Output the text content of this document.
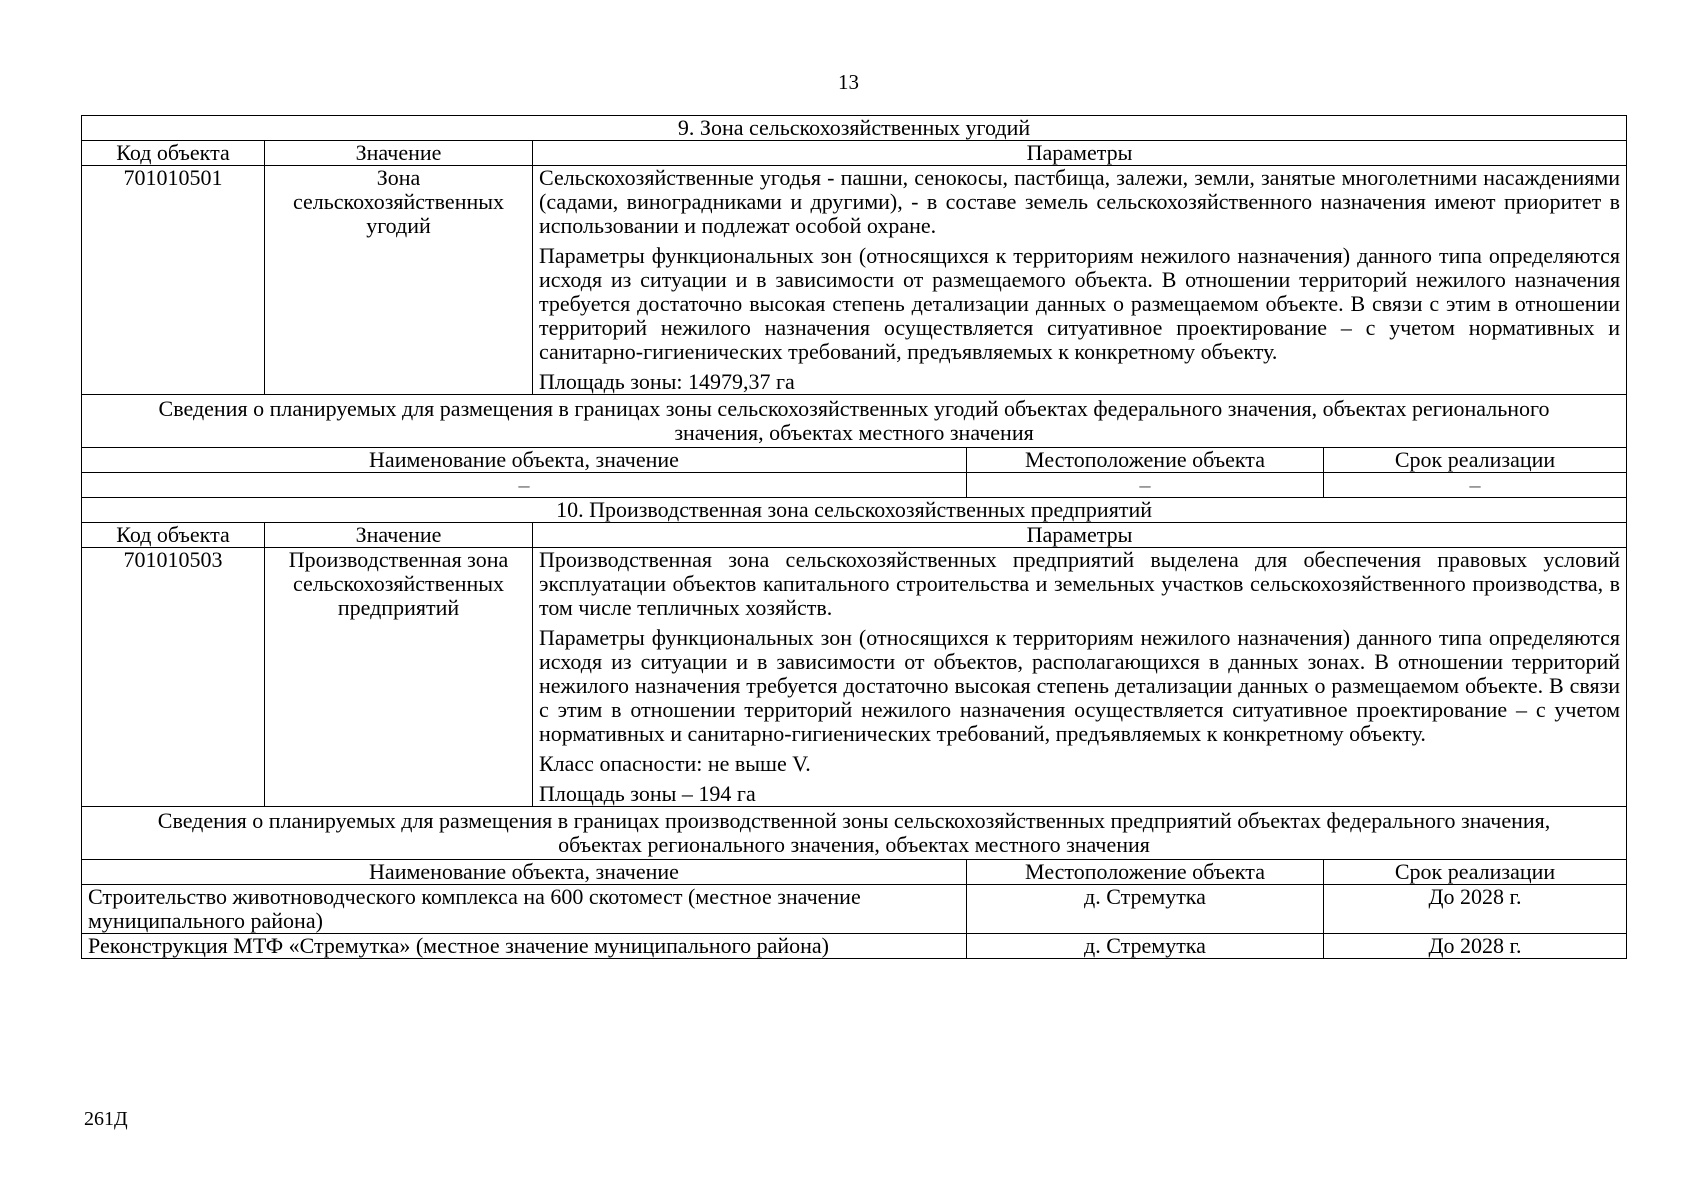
13
9. Зона сельскохозяйственных угодий				
Код объекта	Значение	Параметры		
701010501	Зона сельскохозяйственных угодий	Сельскохозяйственные угодья - пашни, сенокосы, пастбища, залежи, земли, занятые многолетними насаждениями (садами, виноградниками и другими), - в составе земель сельскохозяйственного назначения имеют приоритет в использовании и подлежат особой охране.

Параметры функциональных зон (относящихся к территориям нежилого назначения) данного типа определяются исходя из ситуации и в зависимости от размещаемого объекта. В отношении территорий нежилого назначения требуется достаточно высокая степень детализации данных о размещаемом объекте. В связи с этим в отношении территорий нежилого назначения осуществляется ситуативное проектирование – с учетом нормативных и санитарно-гигиенических требований, предъявляемых к конкретному объекту.

Площадь зоны: 14979,37 га		

Сведения о планируемых для размещения в границах зоны сельскохозяйственных угодий объектах федерального значения, объектах регионального значения, объектах местного значения				
Наименование объекта, значение			Местоположение объекта	Срок реализации
–			–	–
10. Производственная зона сельскохозяйственных предприятий				
Код объекта	Значение	Параметры		
701010503	Производственная зона сельскохозяйственных предприятий	Производственная зона сельскохозяйственных предприятий выделена для обеспечения правовых условий эксплуатации объектов капитального строительства и земельных участков сельскохозяйственного производства, в том числе тепличных хозяйств.

Параметры функциональных зон (относящихся к территориям нежилого назначения) данного типа определяются исходя из ситуации и в зависимости от объектов, располагающихся в данных зонах. В отношении территорий нежилого назначения требуется достаточно высокая степень детализации данных о размещаемом объекте. В связи с этим в отношении территорий нежилого назначения осуществляется ситуативное проектирование – с учетом нормативных и санитарно-гигиенических требований, предъявляемых к конкретному объекту.

Класс опасности: не выше V.

Площадь зоны – 194 га		

Сведения о планируемых для размещения в границах производственной зоны сельскохозяйственных предприятий объектах федерального значения, объектах регионального значения, объектах местного значения				
Наименование объекта, значение			Местоположение объекта	Срок реализации
Строительство животноводческого комплекса на 600 скотомест (местное значение муниципального района)			д. Стремутка	До 2028 г.
Реконструкция МТФ «Стремутка» (местное значение муниципального района)			д. Стремутка	До 2028 г.
261Д
